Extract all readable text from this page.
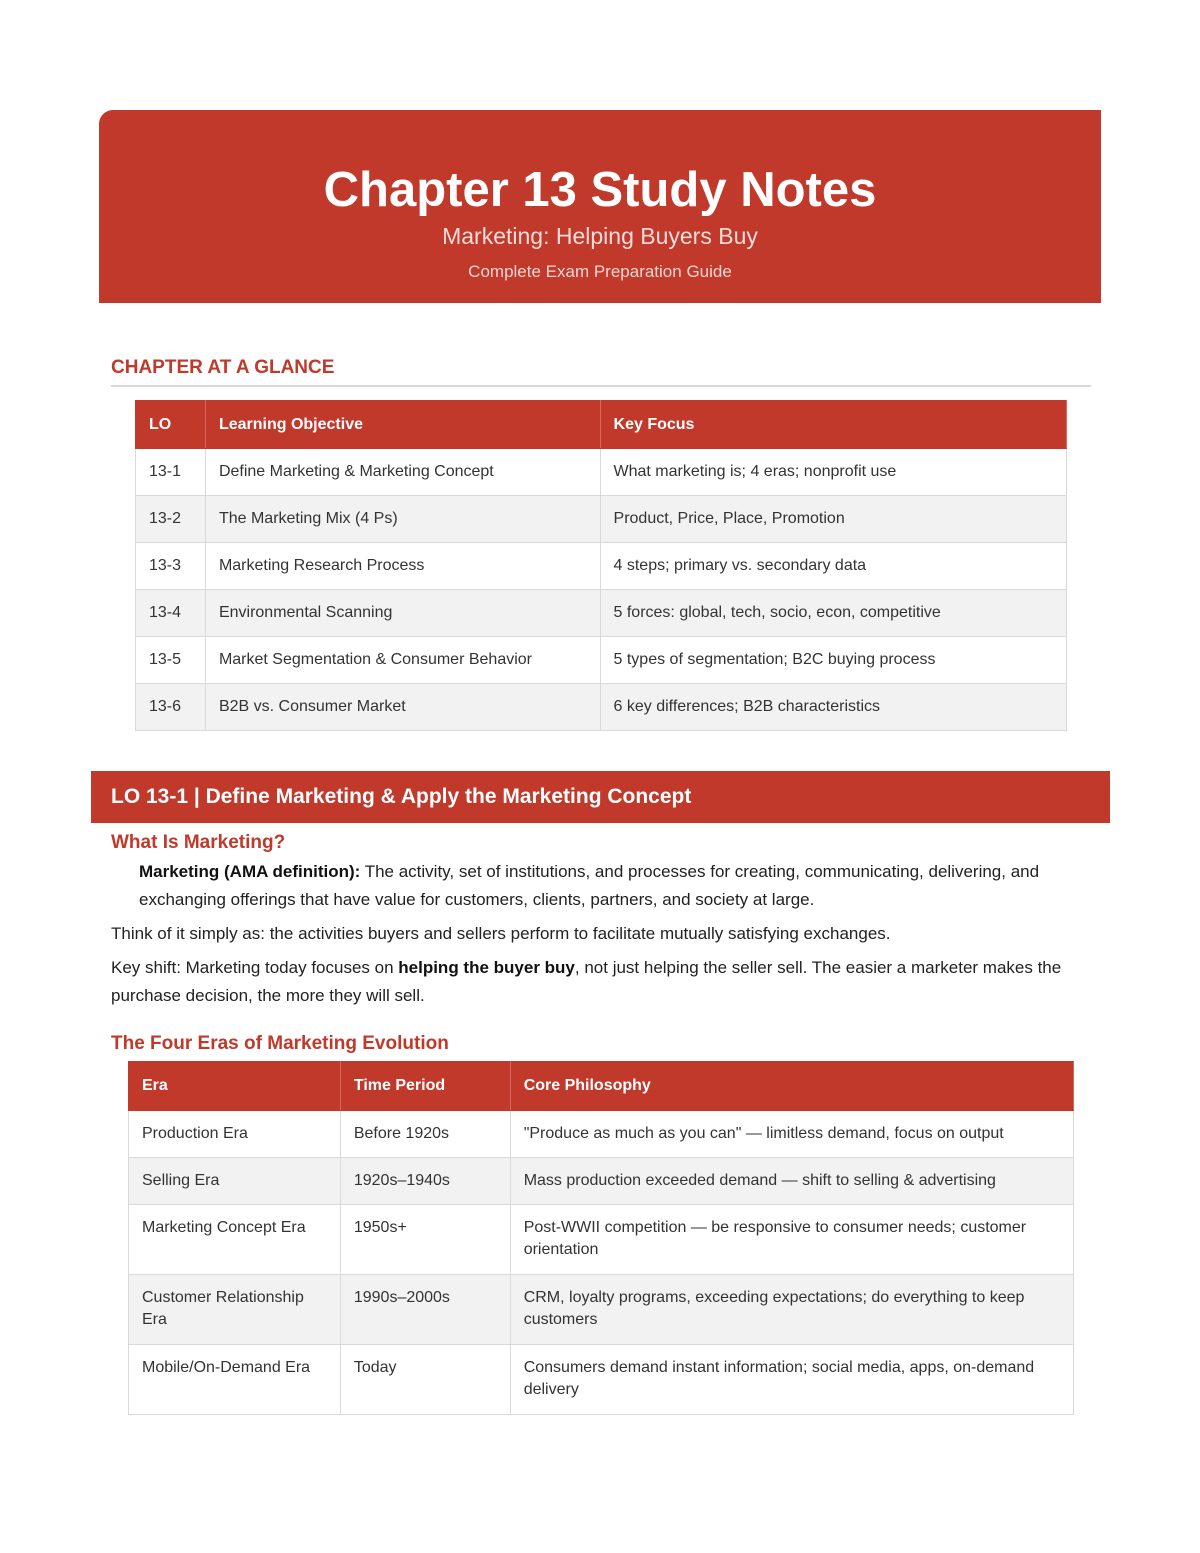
Chapter 13 Study Notes
Marketing: Helping Buyers Buy
Complete Exam Preparation Guide
CHAPTER AT A GLANCE
LO	Learning Objective	Key Focus
13-1	Define Marketing & Marketing Concept	What marketing is; 4 eras; nonprofit use
13-2	The Marketing Mix (4 Ps)	Product, Price, Place, Promotion
13-3	Marketing Research Process	4 steps; primary vs. secondary data
13-4	Environmental Scanning	5 forces: global, tech, socio, econ, competitive
13-5	Market Segmentation & Consumer Behavior	5 types of segmentation; B2C buying process
13-6	B2B vs. Consumer Market	6 key differences; B2B characteristics
LO 13-1 | Define Marketing & Apply the Marketing Concept
What Is Marketing?
Marketing (AMA definition): The activity, set of institutions, and processes for creating, communicating, delivering, and exchanging offerings that have value for customers, clients, partners, and society at large.
Think of it simply as: the activities buyers and sellers perform to facilitate mutually satisfying exchanges.
Key shift: Marketing today focuses on helping the buyer buy, not just helping the seller sell. The easier a marketer makes the purchase decision, the more they will sell.
The Four Eras of Marketing Evolution
Era	Time Period	Core Philosophy
Production Era	Before 1920s	"Produce as much as you can" — limitless demand, focus on output
Selling Era	1920s–1940s	Mass production exceeded demand — shift to selling & advertising
Marketing Concept Era	1950s+	Post-WWII competition — be responsive to consumer needs; customer orientation
Customer Relationship Era	1990s–2000s	CRM, loyalty programs, exceeding expectations; do everything to keep customers
Mobile/On-Demand Era	Today	Consumers demand instant information; social media, apps, on-demand delivery
